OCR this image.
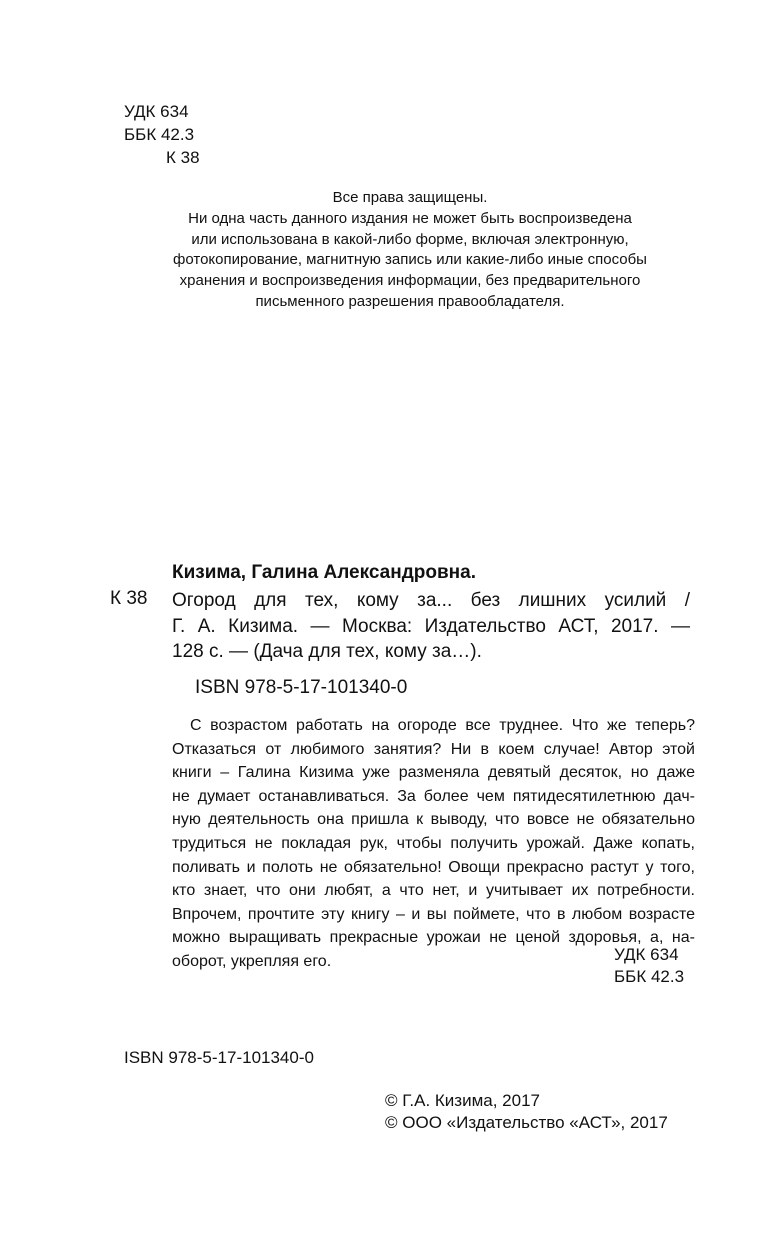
УДК 634
ББК 42.3
К 38
Все права защищены.
Ни одна часть данного издания не может быть воспроизведена
или использована в какой-либо форме, включая электронную,
фотокопирование, магнитную запись или какие-либо иные способы
хранения и воспроизведения информации, без предварительного
письменного разрешения правообладателя.
Кизима, Галина Александровна.
К 38 Огород для тех, кому за... без лишних усилий /
Г. А. Кизима. — Москва: Издательство АСТ, 2017. —
128 с. — (Дача для тех, кому за…).
ISBN 978-5-17-101340-0
С возрастом работать на огороде все труднее. Что же теперь?
Отказаться от любимого занятия? Ни в коем случае! Автор этой
книги – Галина Кизима уже разменяла девятый десяток, но даже
не думает останавливаться. За более чем пятидесятилетнюю дач-
ную деятельность она пришла к выводу, что вовсе не обязательно
трудиться не покладая рук, чтобы получить урожай. Даже копать,
поливать и полоть не обязательно! Овощи прекрасно растут у того,
кто знает, что они любят, а что нет, и учитывает их потребности.
Впрочем, прочтите эту книгу – и вы поймете, что в любом возрасте
можно выращивать прекрасные урожаи не ценой здоровья, а, на-
оборот, укрепляя его.	УДК 634
ББК 42.3
ISBN 978-5-17-101340-0
© Г.А. Кизима, 2017
© ООО «Издательство «АСТ», 2017
